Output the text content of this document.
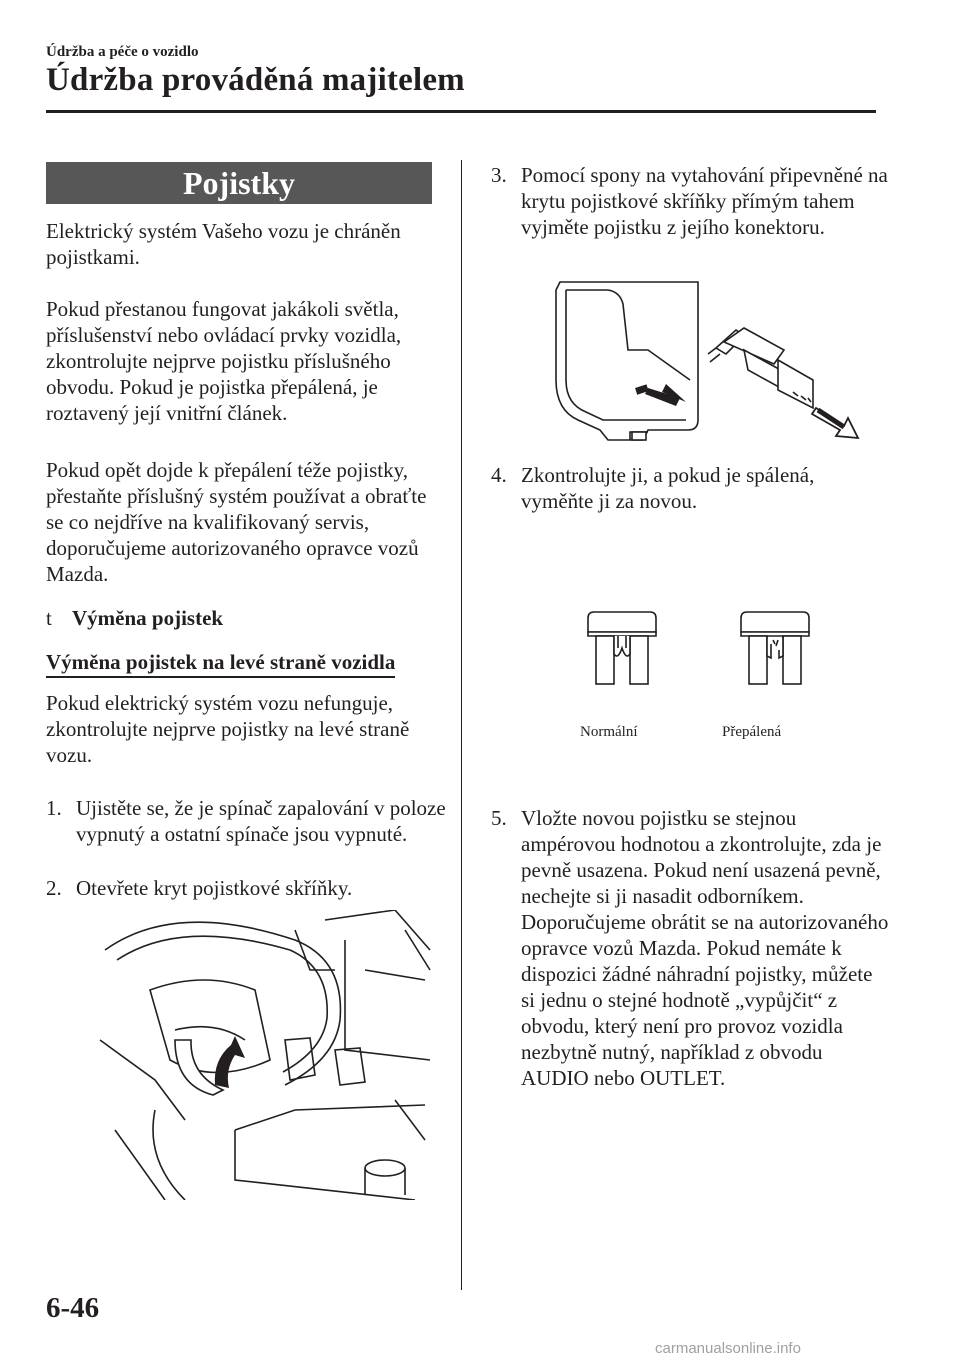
Údržba a péče o vozidlo
Údržba prováděná majitelem
Pojistky
Elektrický systém Vašeho vozu je chráněn pojistkami.
Pokud přestanou fungovat jakákoli světla, příslušenství nebo ovládací prvky vozidla, zkontrolujte nejprve pojistku příslušného obvodu. Pokud je pojistka přepálená, je roztavený její vnitřní článek.
Pokud opět dojde k přepálení téže pojistky, přestaňte příslušný systém používat a obraťte se co nejdříve na kvalifikovaný servis, doporučujeme autorizovaného opravce vozů Mazda.
t Výměna pojistek
Výměna pojistek na levé straně vozidla
Pokud elektrický systém vozu nefunguje, zkontrolujte nejprve pojistky na levé straně vozu.
1. Ujistěte se, že je spínač zapalování v poloze vypnutý a ostatní spínače jsou vypnuté.
2. Otevřete kryt pojistkové skříňky.
3. Pomocí spony na vytahování připevněné na krytu pojistkové skříňky přímým tahem vyjměte pojistku z jejího konektoru.
4. Zkontrolujte ji, a pokud je spálená, vyměňte ji za novou.
Normální	Přepálená
5. Vložte novou pojistku se stejnou ampérovou hodnotou a zkontrolujte, zda je pevně usazena. Pokud není usazená pevně, nechejte si ji nasadit odborníkem. Doporučujeme obrátit se na autorizovaného opravce vozů Mazda. Pokud nemáte k dispozici žádné náhradní pojistky, můžete si jednu o stejné hodnotě „vypůjčit“ z obvodu, který není pro provoz vozidla nezbytně nutný, například z obvodu AUDIO nebo OUTLET.
6-46
carmanualsonline.info
